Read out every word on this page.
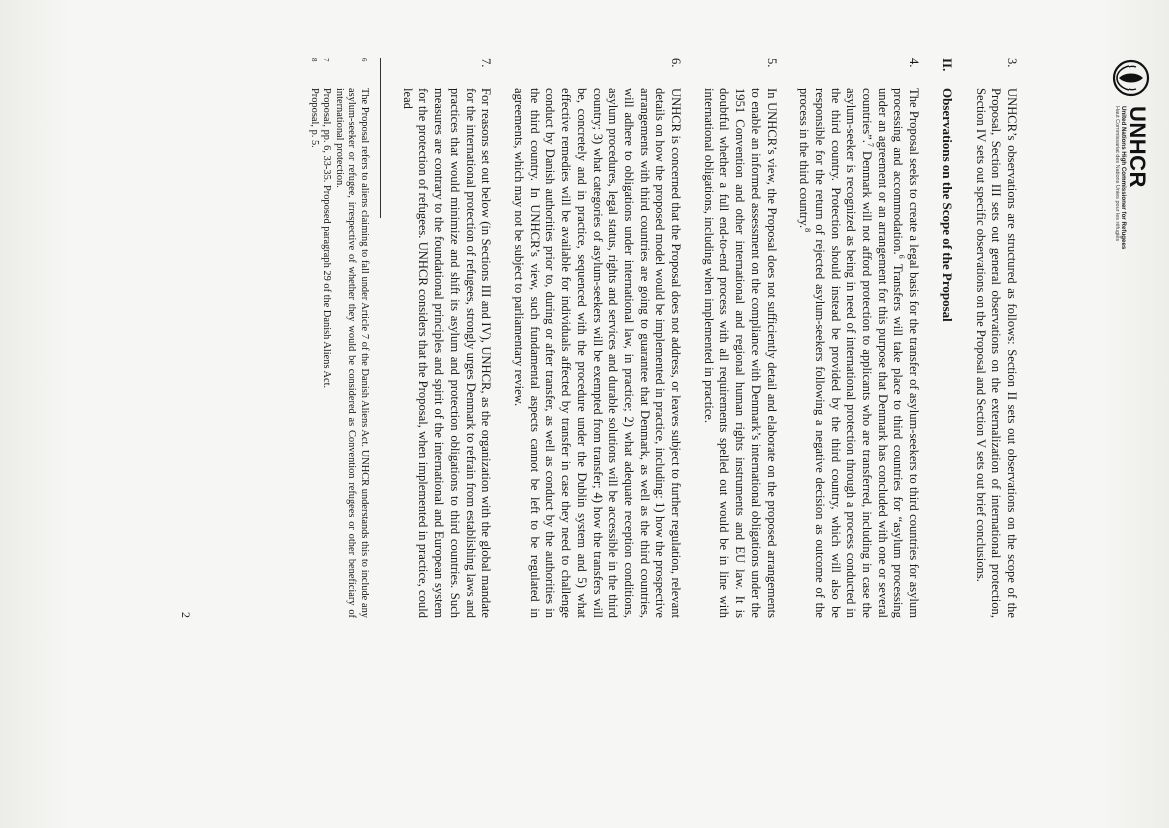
UNHCR
United Nations High Commissioner for Refugees
Haut Commissariat des Nations Unies pour les réfugiés
3.
UNHCR’s observations are structured as follows: Section II sets out observations on the scope of the Proposal, Section III sets out general observations on the externalization of international protection, Section IV sets out specific observations on the Proposal and Section V sets out brief conclusions.
II.
Observations on the Scope of the Proposal
4.
The Proposal seeks to create a legal basis for the transfer of asylum-seekers to third countries for asylum processing and accommodation.$^6$ Transfers will take place to third countries for “asylum processing under an agreement or an arrangement for this purpose that Denmark has concluded with one or several countries”.$^7$ Denmark will not afford protection to applicants who are transferred, including in case the asylum-seeker is recognized as being in need of international protection through a process conducted in the third country. Protection should instead be provided by the third country, which will also be responsible for the return of rejected asylum-seekers following a negative decision as outcome of the process in the third country.$^8$
5.
In UNHCR’s view, the Proposal does not sufficiently detail and elaborate on the proposed arrangements to enable an informed assessment on the compliance with Denmark’s international obligations under the 1951 Convention and other international and regional human rights instruments and EU law. It is doubtful whether a full end-to-end process with all requirements spelled out would be in line with international obligations, including when implemented in practice.
6.
UNHCR is concerned that the Proposal does not address, or leaves subject to further regulation, relevant details on how the proposed model would be implemented in practice, including: 1) how the prospective arrangements with third countries are going to guarantee that Denmark, as well as the third countries, will adhere to obligations under international law, in practice; 2) what adequate reception conditions, asylum procedures, legal status, rights and services and durable solutions will be accessible in the third country; 3) what categories of asylum-seekers will be exempted from transfer; 4) how the transfers will be, concretely and in practice, sequenced with the procedure under the Dublin system and 5) what effective remedies will be available for individuals affected by transfer in case they need to challenge conduct by Danish authorities prior to, during or after transfer, as well as conduct by the authorities in the third country. In UNHCR’s view, such fundamental aspects cannot be left to be regulated in agreements, which may not be subject to parliamentary review.
7.
For reasons set out below (in Sections III and IV), UNHCR, as the organization with the global mandate for the international protection of refugees, strongly urges Denmark to refrain from establishing laws and practices that would minimize and shift its asylum and protection obligations to third countries. Such measures are contrary to the foundational principles and spirit of the international and European system for the protection of refugees. UNHCR considers that the Proposal, when implemented in practice, could lead
6
The Proposal refers to aliens claiming to fall under Article 7 of the Danish Aliens Act. UNHCR understands this to include any asylum-seeker or refugee, irrespective of whether they would be considered as Convention refugees or other beneficiary of international protection.
7
Proposal, pp. 6, 33-35. Proposed paragraph 29 of the Danish Aliens Act.
8
Proposal, p. 5.
2
